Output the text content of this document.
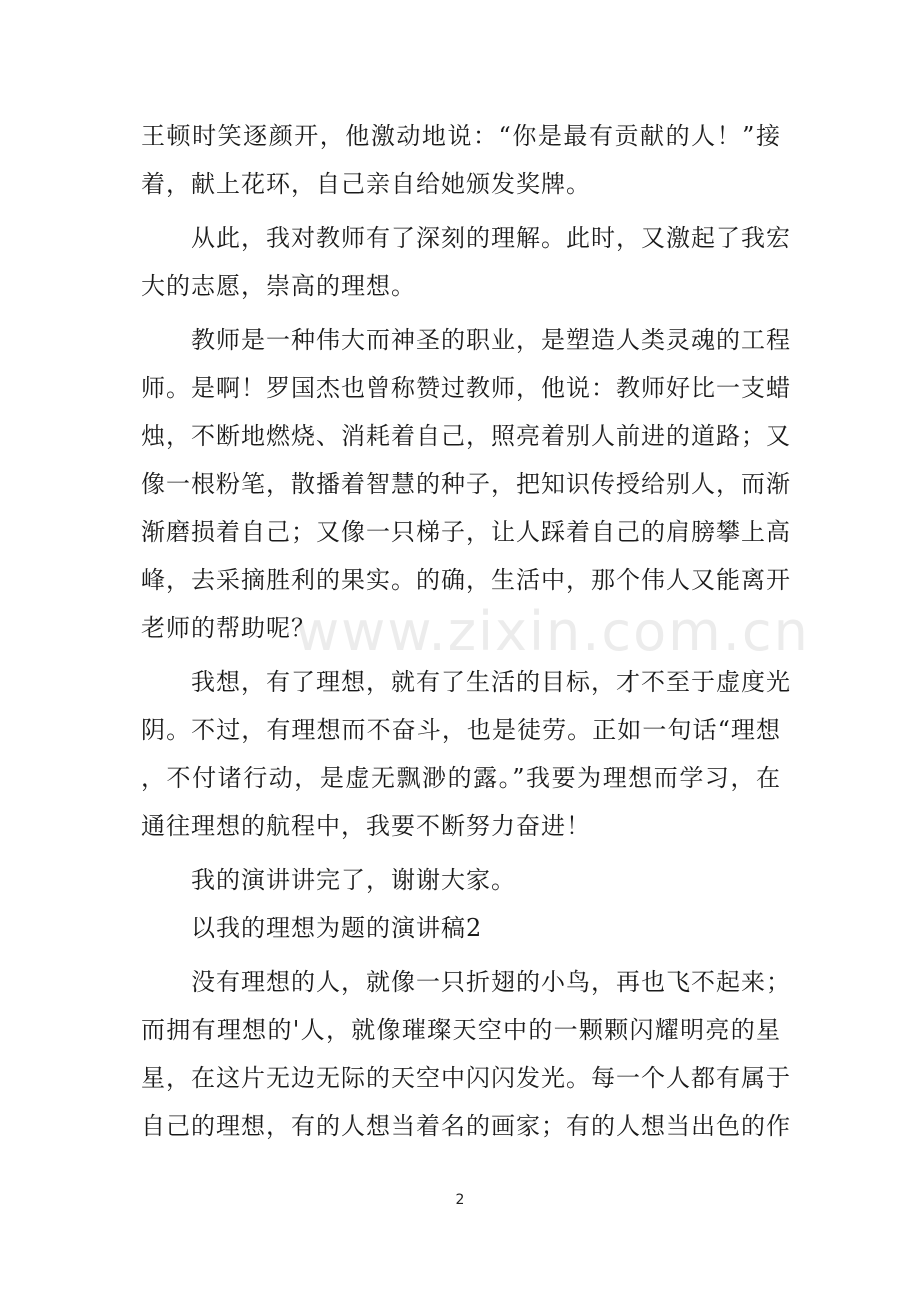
www.zixin.com.cn
王顿时笑逐颜开，他激动地说：“你是最有贡献的人！”接
着，献上花环，自己亲自给她颁发奖牌。
从此，我对教师有了深刻的理解。此时，又激起了我宏
大的志愿，崇高的理想。
教师是一种伟大而神圣的职业，是塑造人类灵魂的工程
师。是啊！罗国杰也曾称赞过教师，他说：教师好比一支蜡
烛，不断地燃烧、消耗着自己，照亮着别人前进的道路；又
像一根粉笔，散播着智慧的种子，把知识传授给别人，而渐
渐磨损着自己；又像一只梯子，让人踩着自己的肩膀攀上高
峰，去采摘胜利的果实。的确，生活中，那个伟人又能离开
老师的帮助呢？
我想，有了理想，就有了生活的目标，才不至于虚度光
阴。不过，有理想而不奋斗，也是徒劳。正如一句话“理想
，不付诸行动，是虚无飘渺的露。”我要为理想而学习，在
通往理想的航程中，我要不断努力奋进！
我的演讲讲完了，谢谢大家。
以我的理想为题的演讲稿2
没有理想的人，就像一只折翅的小鸟，再也飞不起来；
而拥有理想的'人，就像璀璨天空中的一颗颗闪耀明亮的星
星，在这片无边无际的天空中闪闪发光。每一个人都有属于
自己的理想，有的人想当着名的画家；有的人想当出色的作
2
